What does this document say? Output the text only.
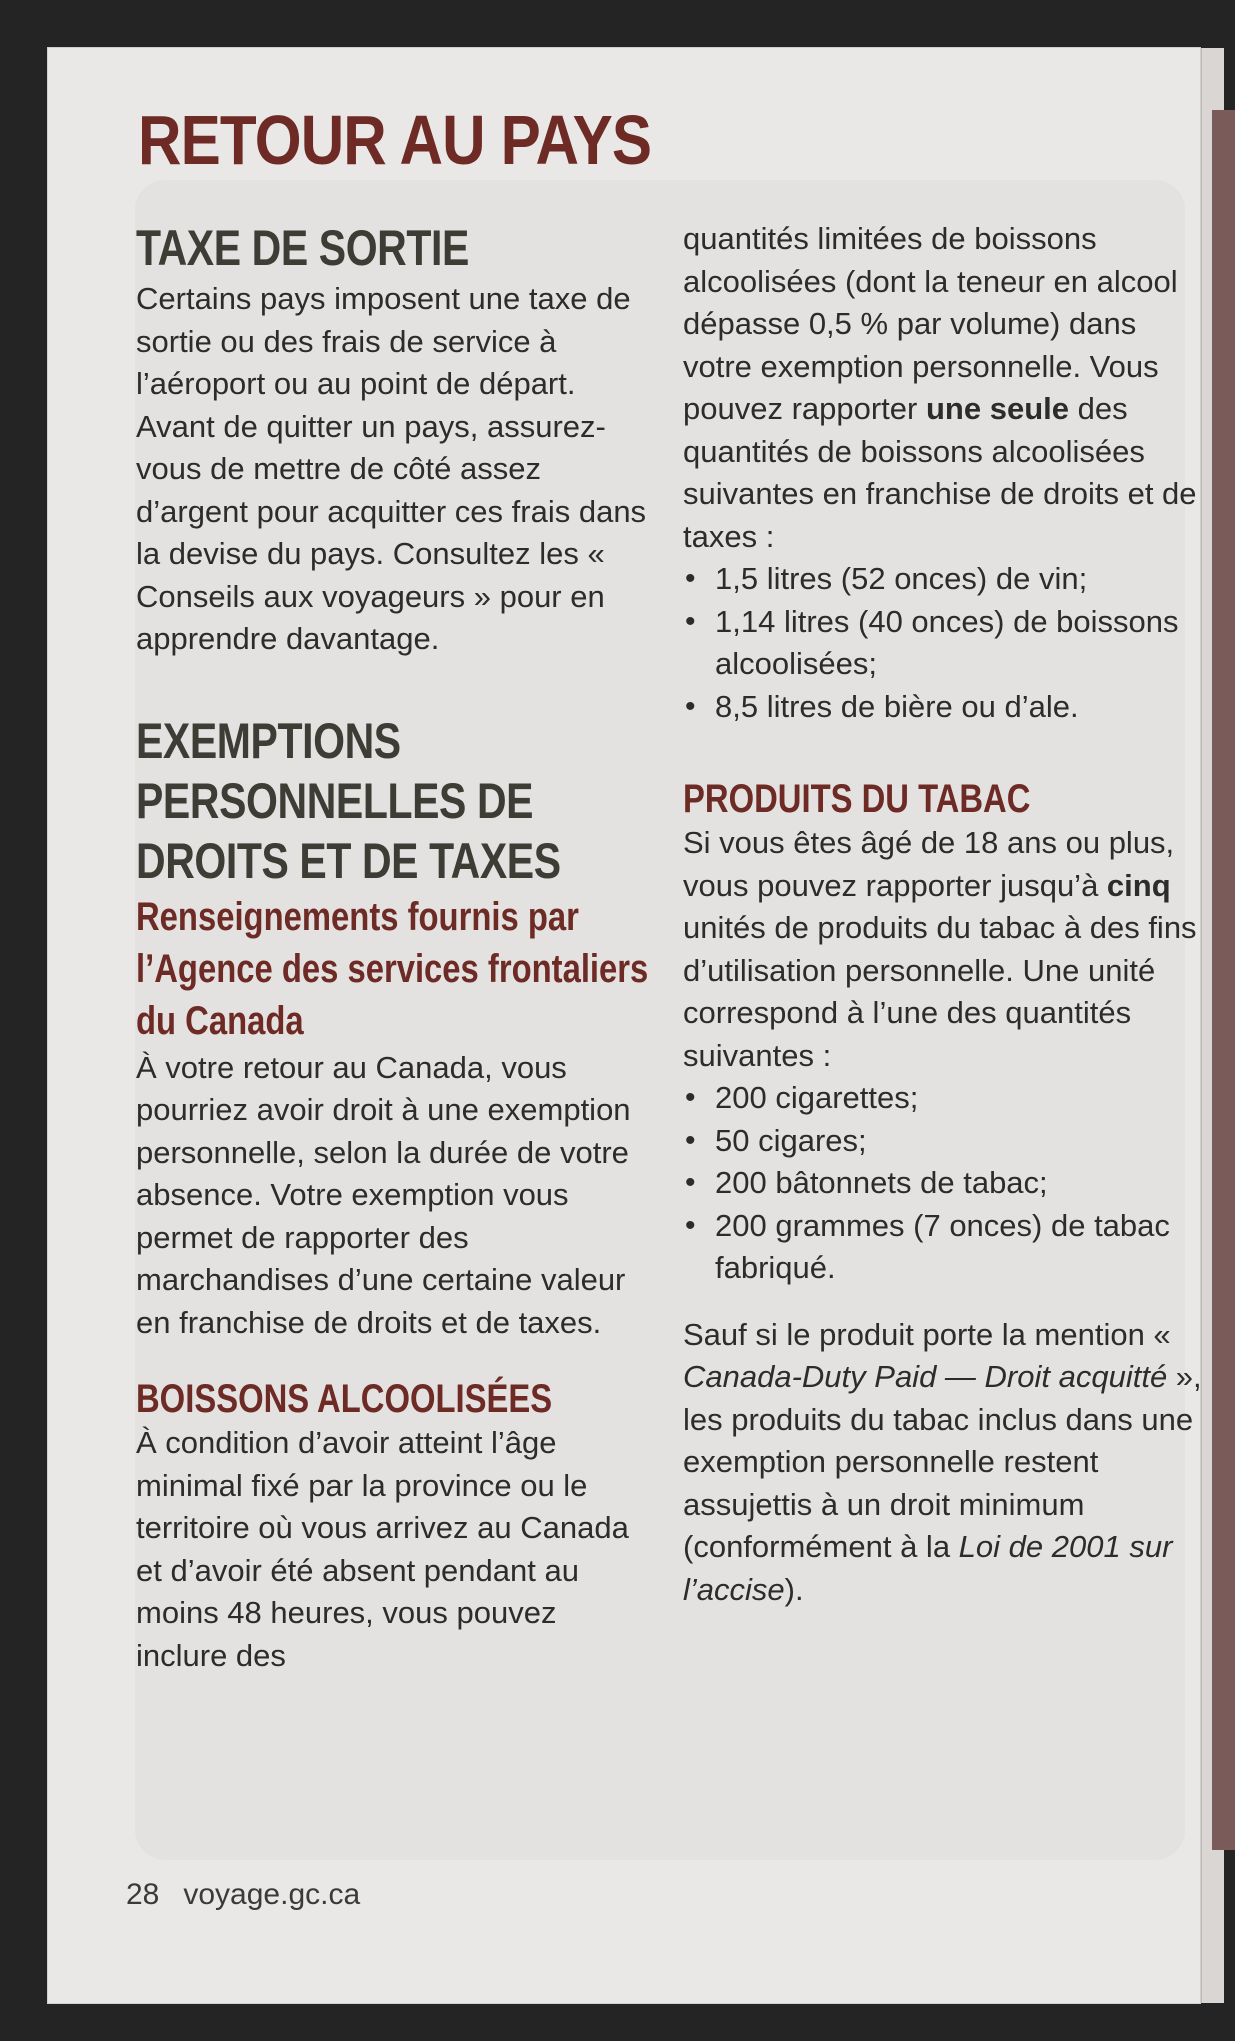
RETOUR AU PAYS
TAXE DE SORTIE

Certains pays imposent une taxe de sortie ou des frais de service à l’aéroport ou au point de départ. Avant de quitter un pays, assurez-vous de mettre de côté assez d’argent pour acquitter ces frais dans la devise du pays. Consultez les « Conseils aux voyageurs » pour en apprendre davantage.

EXEMPTIONS PERSONNELLES DE DROITS ET DE TAXES
Renseignements fournis par l’Agence des services frontaliers du Canada

À votre retour au Canada, vous pourriez avoir droit à une exemption personnelle, selon la durée de votre absence. Votre exemption vous permet de rapporter des marchandises d’une certaine valeur en franchise de droits et de taxes.

BOISSONS ALCOOLISÉES

À condition d’avoir atteint l’âge minimal fixé par la province ou le territoire où vous arrivez au Canada et d’avoir été absent pendant au moins 48 heures, vous pouvez inclure des

quantités limitées de boissons alcoolisées (dont la teneur en alcool dépasse 0,5 % par volume) dans votre exemption personnelle. Vous pouvez rapporter une seule des quantités de boissons alcoolisées suivantes en franchise de droits et de taxes :

• 1,5 litres (52 onces) de vin;
• 1,14 litres (40 onces) de boissons alcoolisées;
• 8,5 litres de bière ou d’ale.
PRODUITS DU TABAC

Si vous êtes âgé de 18 ans ou plus, vous pouvez rapporter jusqu’à cinq unités de produits du tabac à des fins d’utilisation personnelle. Une unité correspond à l’une des quantités suivantes :

• 200 cigarettes;
• 50 cigares;
• 200 bâtonnets de tabac;
• 200 grammes (7 onces) de tabac fabriqué.

Sauf si le produit porte la mention « Canada-Duty Paid — Droit acquitté », les produits du tabac inclus dans une exemption personnelle restent assujettis à un droit minimum (conformément à la Loi de 2001 sur l’accise).

28 voyage.gc.ca
